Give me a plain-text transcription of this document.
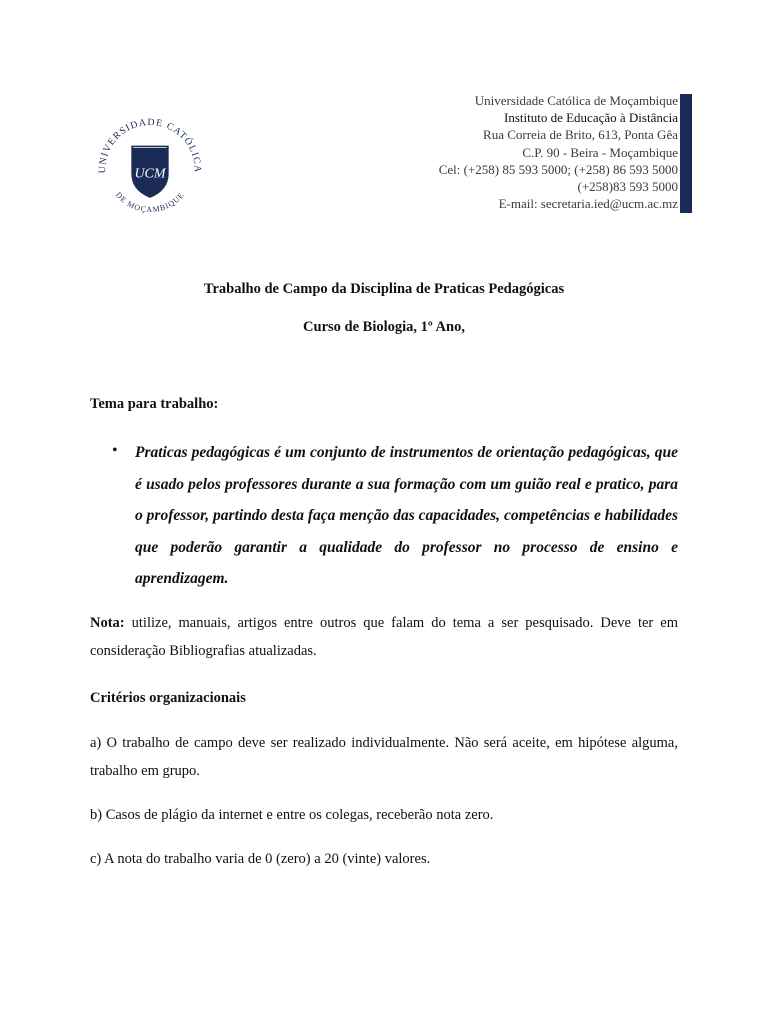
UNIVERSIDADE CATÓLICA
DE MOÇAMBIQUE
UCM
Universidade Católica de Moçambique
Instituto de Educação à Distância
Rua Correia de Brito, 613, Ponta Gêa
C.P. 90 - Beira - Moçambique
Cel: (+258) 85 593 5000; (+258) 86 593 5000
(+258)83 593 5000
E-mail: secretaria.ied@ucm.ac.mz
Trabalho de Campo da Disciplina de Praticas Pedagógicas
Curso de Biologia, 1º Ano,
Tema para trabalho:
• Praticas pedagógicas é um conjunto de instrumentos de orientação pedagógicas, que é usado pelos professores durante a sua formação com um guião real e pratico, para o professor, partindo desta faça menção das capacidades, competências e habilidades que poderão garantir a qualidade do professor no processo de ensino e aprendizagem.

Nota: utilize, manuais, artigos entre outros que falam do tema a ser pesquisado. Deve ter em consideração Bibliografias atualizadas.

Critérios organizacionais

a) O trabalho de campo deve ser realizado individualmente. Não será aceite, em hipótese alguma, trabalho em grupo.

b) Casos de plágio da internet e entre os colegas, receberão nota zero.

c) A nota do trabalho varia de 0 (zero) a 20 (vinte) valores.
